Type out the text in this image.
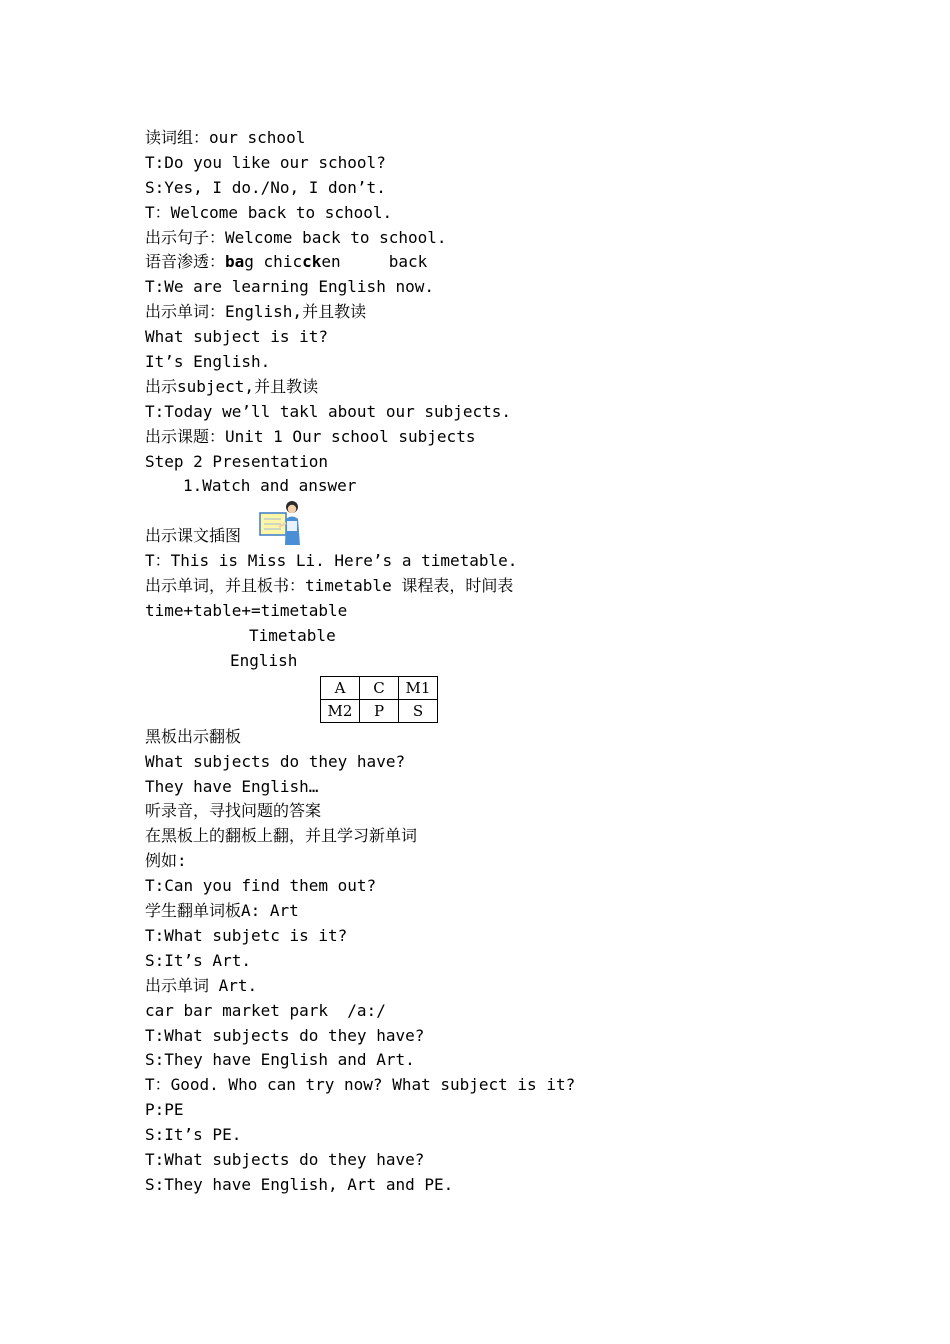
读词组：our school
T:Do you like our school?
S:Yes, I do./No, I don’t.
T：Welcome back to school.
出示句子：Welcome back to school.
语音渗透：bag chiccken     back
T:We are learning English now.
出示单词：English,并且教读
What subject is it?
It’s English.
出示subject,并且教读
T:Today we’ll takl about our subjects.
出示课题：Unit 1 Our school subjects
Step 2 Presentation
1.Watch and answer
出示课文插图
T：This is Miss Li. Here’s a timetable.
出示单词，并且板书：timetable 课程表，时间表
time+table+=timetable
Timetable
English
A	C	M1
M2	P	S
黑板出示翻板
What subjects do they have?
They have English…
听录音，寻找问题的答案
在黑板上的翻板上翻，并且学习新单词
例如:
T:Can you find them out?
学生翻单词板A: Art
T:What subjetc is it?
S:It’s Art.
出示单词 Art.
car bar market park  /a:/
T:What subjects do they have?
S:They have English and Art.
T：Good. Who can try now? What subject is it?
P:PE
S:It’s PE.
T:What subjects do they have?
S:They have English, Art and PE.
